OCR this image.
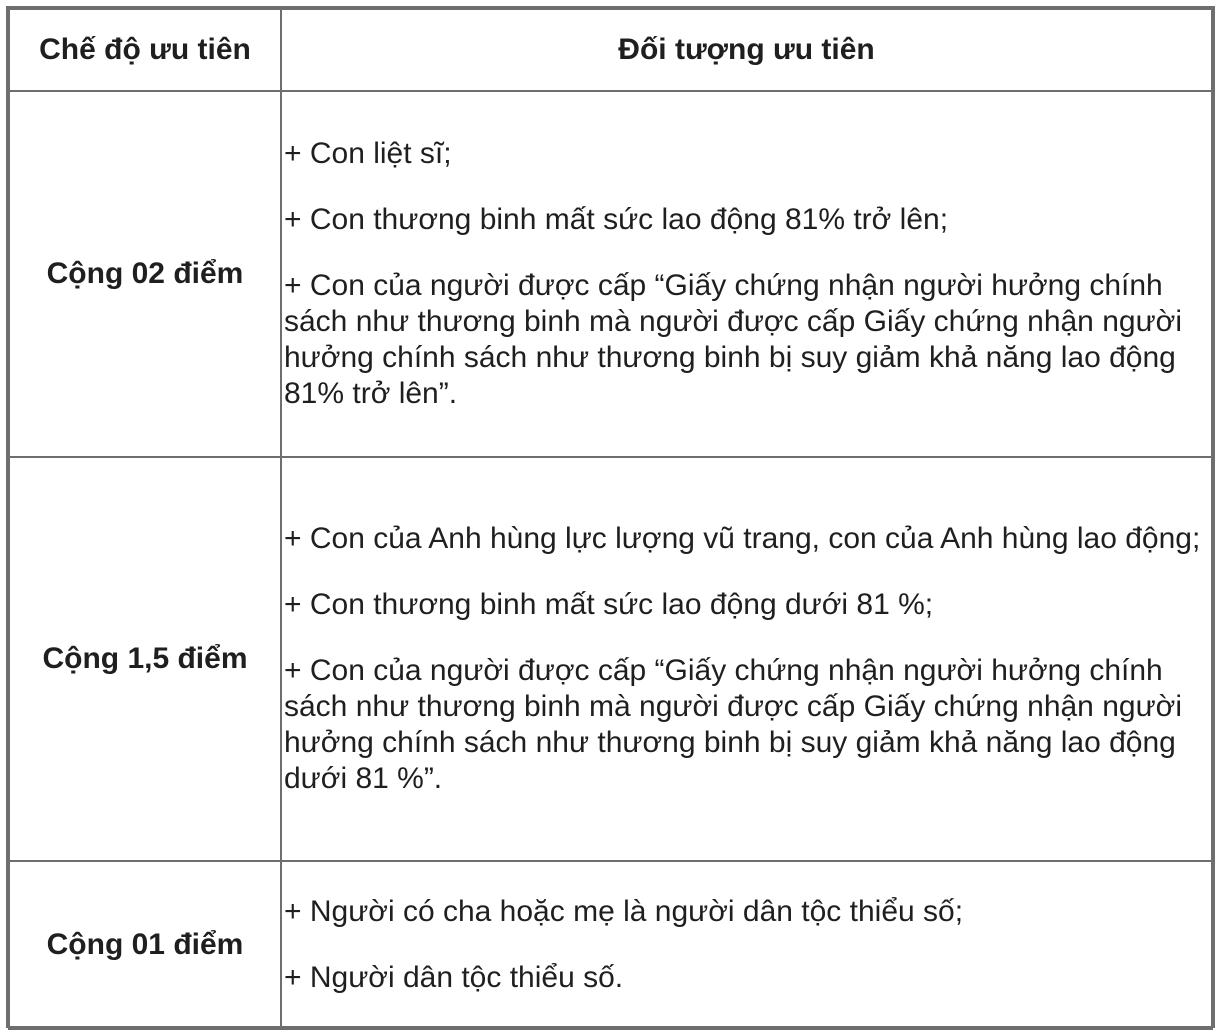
Chế độ ưu tiên	Đối tượng ưu tiên
Cộng 02 điểm	+ Con liệt sĩ;

+ Con thương binh mất sức lao động 81% trở lên;

+ Con của người được cấp “Giấy chứng nhận người hưởng chính sách như thương binh mà người được cấp Giấy chứng nhận người hưởng chính sách như thương binh bị suy giảm khả năng lao động 81% trở lên”.

Cộng 1,5 điểm	+ Con của Anh hùng lực lượng vũ trang, con của Anh hùng lao động;

+ Con thương binh mất sức lao động dưới 81 %;

+ Con của người được cấp “Giấy chứng nhận người hưởng chính sách như thương binh mà người được cấp Giấy chứng nhận người hưởng chính sách như thương binh bị suy giảm khả năng lao động dưới 81 %”.

Cộng 01 điểm	+ Người có cha hoặc mẹ là người dân tộc thiểu số;

+ Người dân tộc thiểu số.
